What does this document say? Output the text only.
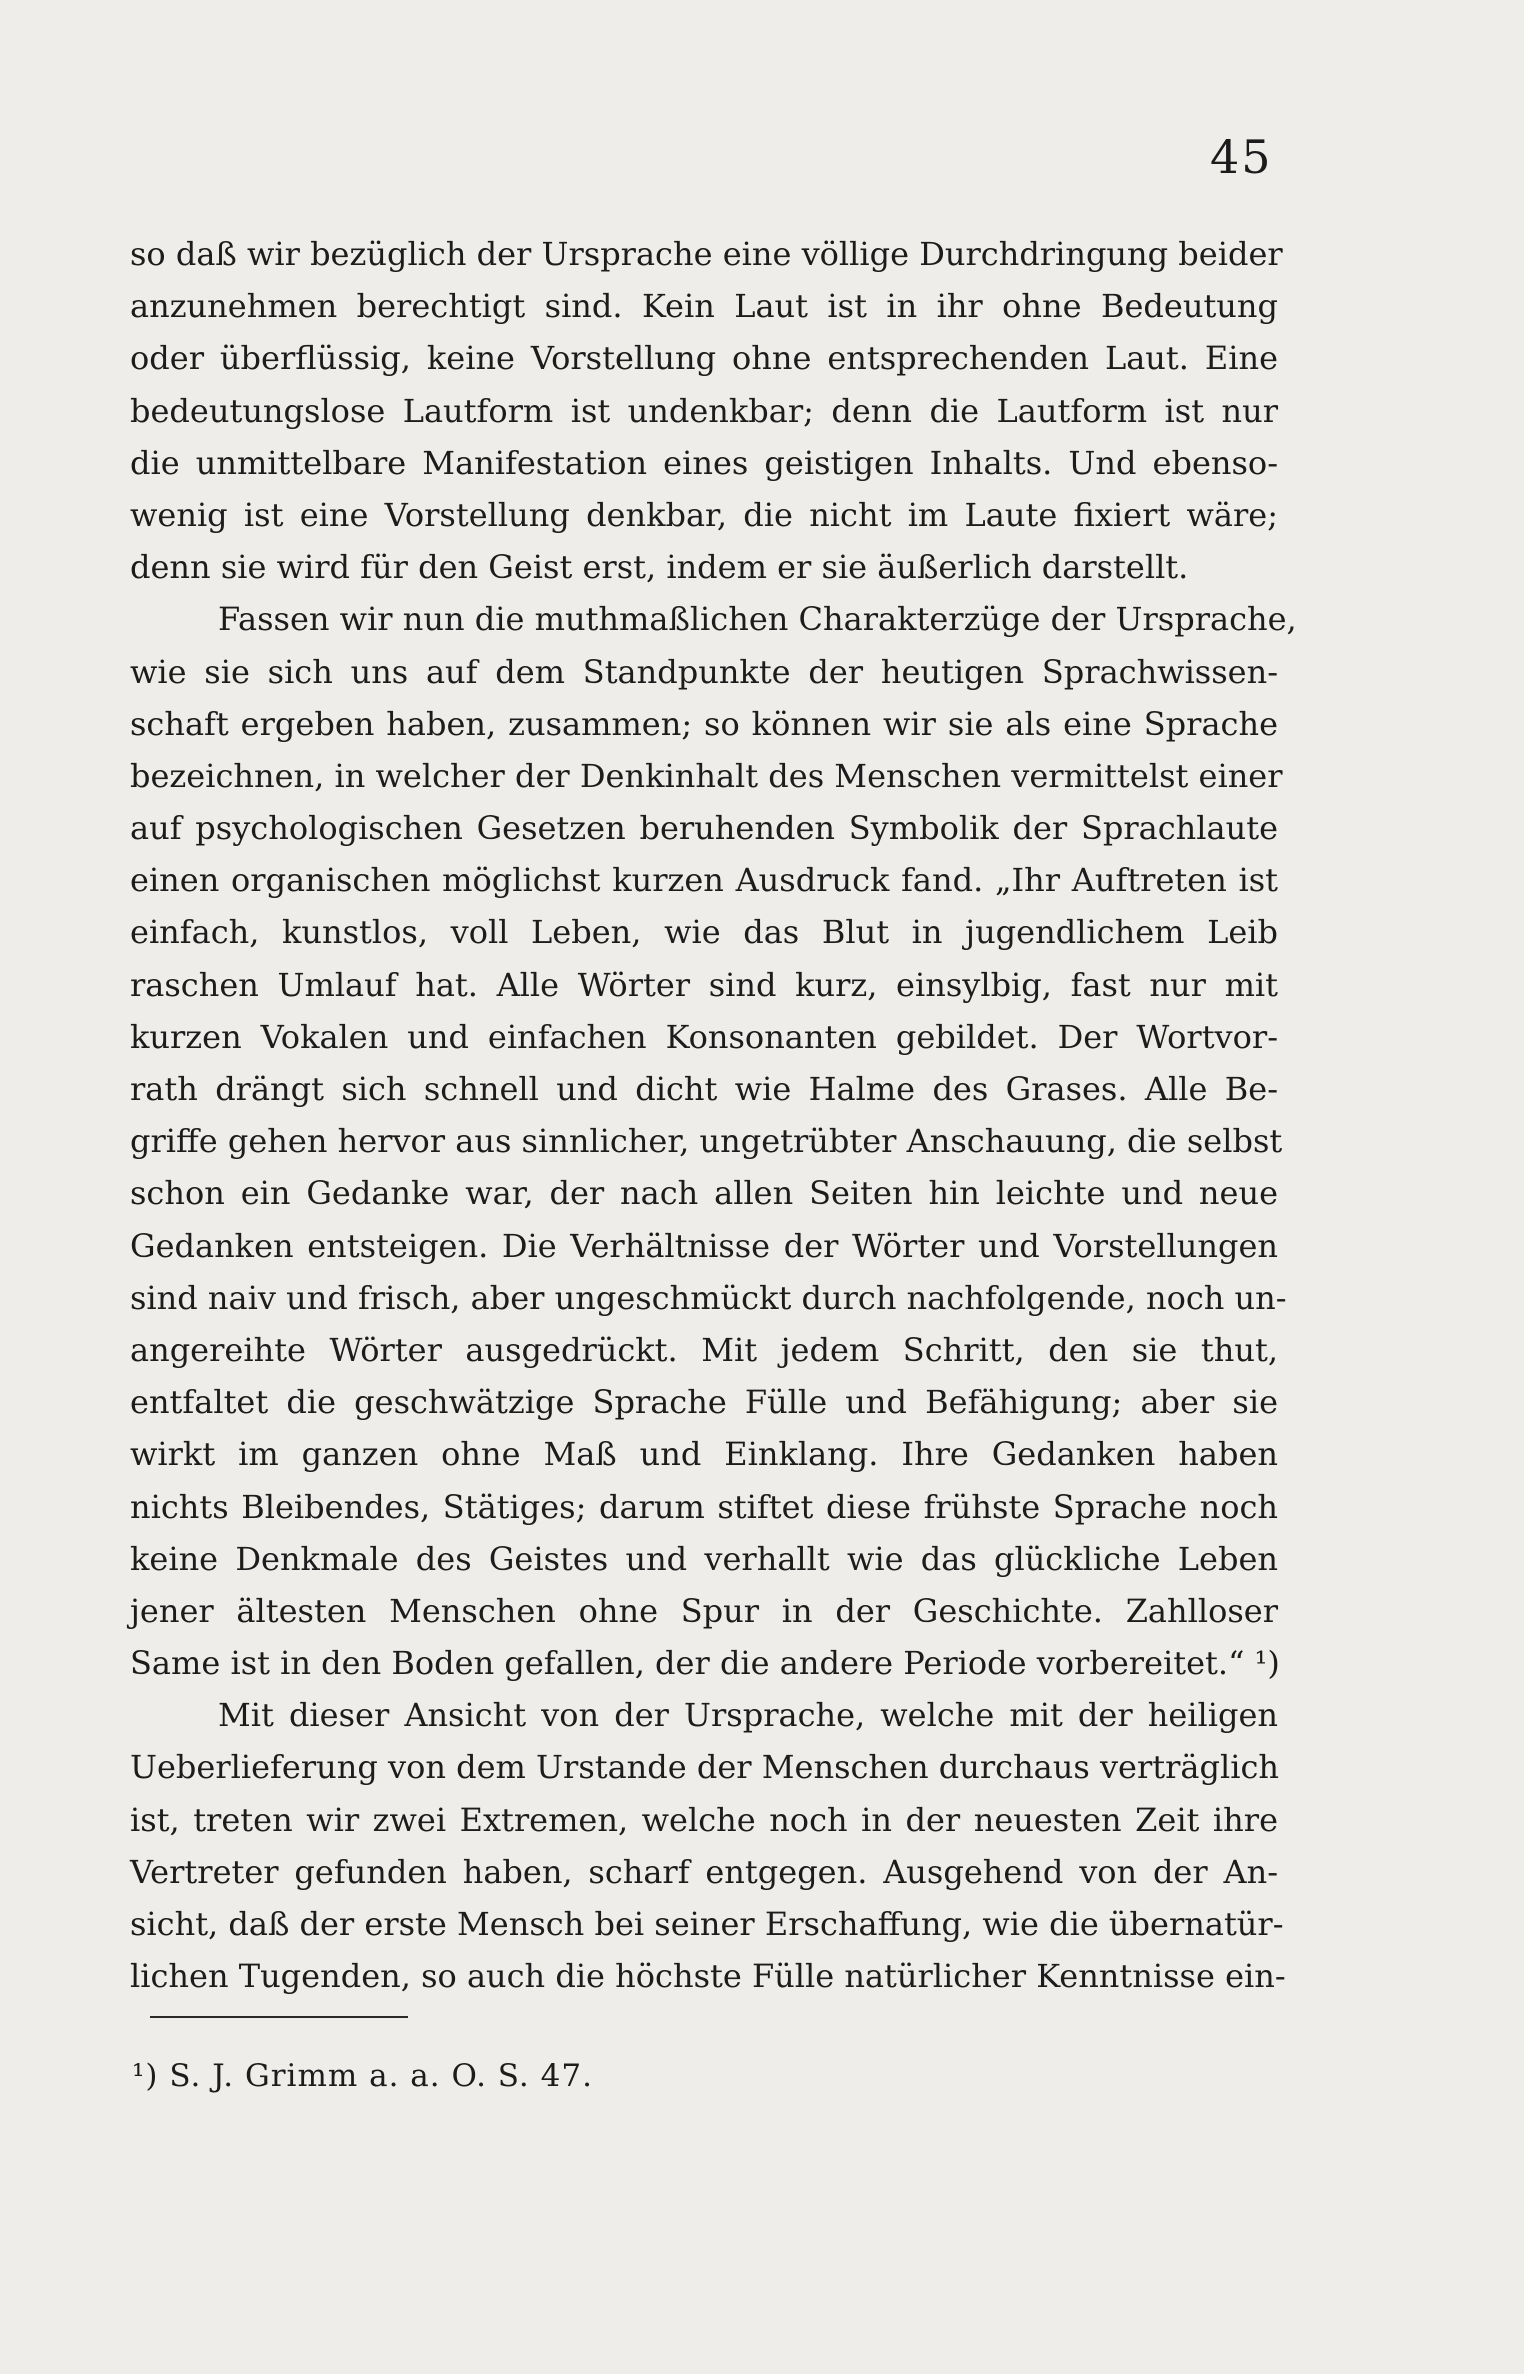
45
so daß wir bezüglich der Ursprache eine völlige Durchdringung beider
anzunehmen berechtigt sind. Kein Laut ist in ihr ohne Bedeutung
oder überflüssig, keine Vorstellung ohne entsprechenden Laut. Eine
bedeutungslose Lautform ist undenkbar; denn die Lautform ist nur
die unmittelbare Manifestation eines geistigen Inhalts. Und ebenso-
wenig ist eine Vorstellung denkbar, die nicht im Laute fixiert wäre;
denn sie wird für den Geist erst, indem er sie äußerlich darstellt.
Fassen wir nun die muthmaßlichen Charakterzüge der Ursprache,
wie sie sich uns auf dem Standpunkte der heutigen Sprachwissen-
schaft ergeben haben, zusammen; so können wir sie als eine Sprache
bezeichnen, in welcher der Denkinhalt des Menschen vermittelst einer
auf psychologischen Gesetzen beruhenden Symbolik der Sprachlaute
einen organischen möglichst kurzen Ausdruck fand. „Ihr Auftreten ist
einfach, kunstlos, voll Leben, wie das Blut in jugendlichem Leib
raschen Umlauf hat. Alle Wörter sind kurz, einsylbig, fast nur mit
kurzen Vokalen und einfachen Konsonanten gebildet. Der Wortvor-
rath drängt sich schnell und dicht wie Halme des Grases. Alle Be-
griffe gehen hervor aus sinnlicher, ungetrübter Anschauung, die selbst
schon ein Gedanke war, der nach allen Seiten hin leichte und neue
Gedanken entsteigen. Die Verhältnisse der Wörter und Vorstellungen
sind naiv und frisch, aber ungeschmückt durch nachfolgende, noch un-
angereihte Wörter ausgedrückt. Mit jedem Schritt, den sie thut,
entfaltet die geschwätzige Sprache Fülle und Befähigung; aber sie
wirkt im ganzen ohne Maß und Einklang. Ihre Gedanken haben
nichts Bleibendes, Stätiges; darum stiftet diese frühste Sprache noch
keine Denkmale des Geistes und verhallt wie das glückliche Leben
jener ältesten Menschen ohne Spur in der Geschichte. Zahlloser
Same ist in den Boden gefallen, der die andere Periode vorbereitet.“ ¹)
Mit dieser Ansicht von der Ursprache, welche mit der heiligen
Ueberlieferung von dem Urstande der Menschen durchaus verträglich
ist, treten wir zwei Extremen, welche noch in der neuesten Zeit ihre
Vertreter gefunden haben, scharf entgegen. Ausgehend von der An-
sicht, daß der erste Mensch bei seiner Erschaffung, wie die übernatür-
lichen Tugenden, so auch die höchste Fülle natürlicher Kenntnisse ein-
¹) S. J. Grimm a. a. O. S. 47.
